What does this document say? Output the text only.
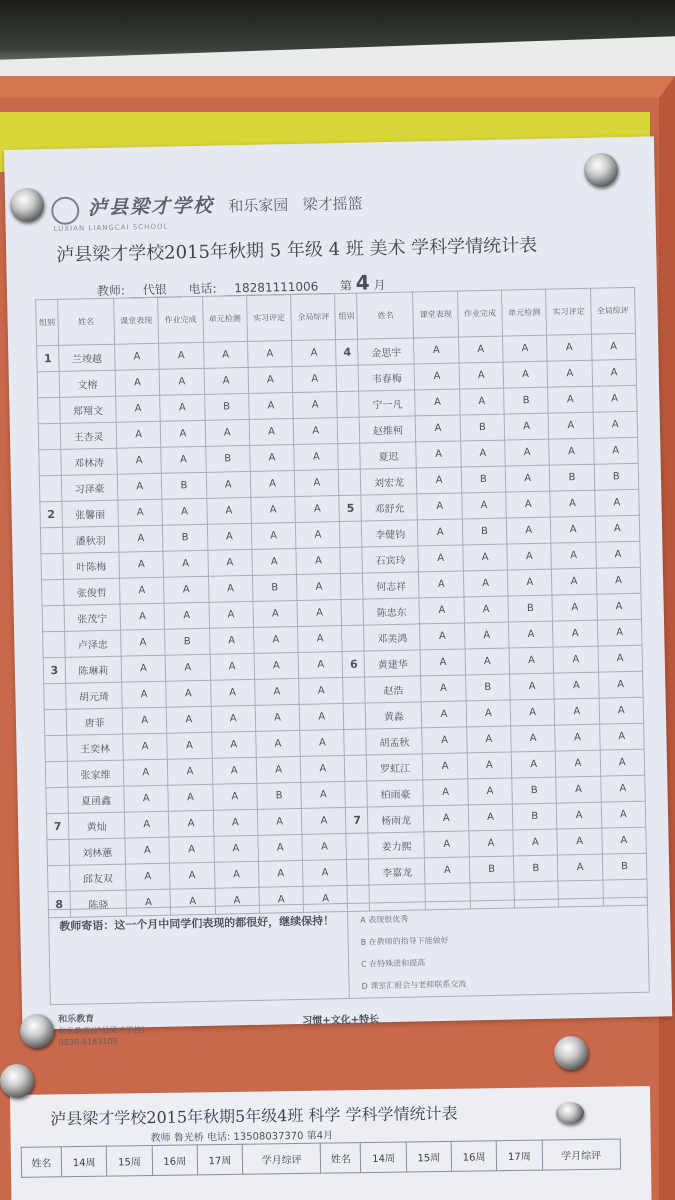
泸县梁才学校 和乐家园 梁才摇篮
LUXIAN LIANGCAI SCHOOL
泸县梁才学校2015年秋期 5 年级 4 班 美术 学科学情统计表
教师: 代银 电话: 18281111006 第 4 月
组别	姓名	课堂表现	作业完成	单元检测	实习评定	全局综评	组别	姓名	课堂表现	作业完成	单元检测	实习评定	全局综评
1	兰竣越	A	A	A	A	A	4	金思宇	A	A	A	A	A
	文榕	A	A	A	A	A		韦春梅	A	A	A	A	A
	郑翔文	A	A	B	A	A		宁一凡	A	A	B	A	A
	王杏灵	A	A	A	A	A		赵维柯	A	B	A	A	A
	邓林涛	A	A	B	A	A		夏迟	A	A	A	A	A
	习泽豪	A	B	A	A	A		刘宏龙	A	B	A	B	B
2	张馨丽	A	A	A	A	A	5	邓舒允	A	A	A	A	A
	潘秋羽	A	B	A	A	A		李健钧	A	B	A	A	A
	叶陈梅	A	A	A	A	A		石宾玲	A	A	A	A	A
	张俊哲	A	A	A	B	A		何志祥	A	A	A	A	A
	张茂宁	A	A	A	A	A		陈忠东	A	A	B	A	A
	卢泽忠	A	B	A	A	A		邓美鸿	A	A	A	A	A
3	陈琳莉	A	A	A	A	A	6	黄建华	A	A	A	A	A
	胡元琦	A	A	A	A	A		赵浩	A	B	A	A	A
	唐菲	A	A	A	A	A		黄淼	A	A	A	A	A
	王奕林	A	A	A	A	A		胡孟秋	A	A	A	A	A
	张家维	A	A	A	A	A		罗虹江	A	A	A	A	A
	夏函鑫	A	A	A	B	A		柏雨豪	A	A	B	A	A
7	黄灿	A	A	A	A	A	7	杨雨龙	A	A	B	A	A
	刘林蕙	A	A	A	A	A		姜力熙	A	A	A	A	A
	邱友双	A	A	A	A	A		李嘉龙	A	B	B	A	B
8	陈骁	A	A	A	A	A							
教师寄语：这一个月中同学们表现的都很好，继续保持！	A 表现很优秀
B 在教师的指导下能做好
C 在特殊进和提高
D 课室汇报会与老师联系交流
和乐教育
和乐教育(泸县梁才学校)
0830-8183109
习惯+文化+特长
泸县梁才学校2015年秋期5年级4班 科学 学科学情统计表
教师 鲁光桥 电话: 13508037370 第4月
姓名	14周	15周	16周	17周	学月综评	姓名	14周	15周	16周	17周	学月综评
